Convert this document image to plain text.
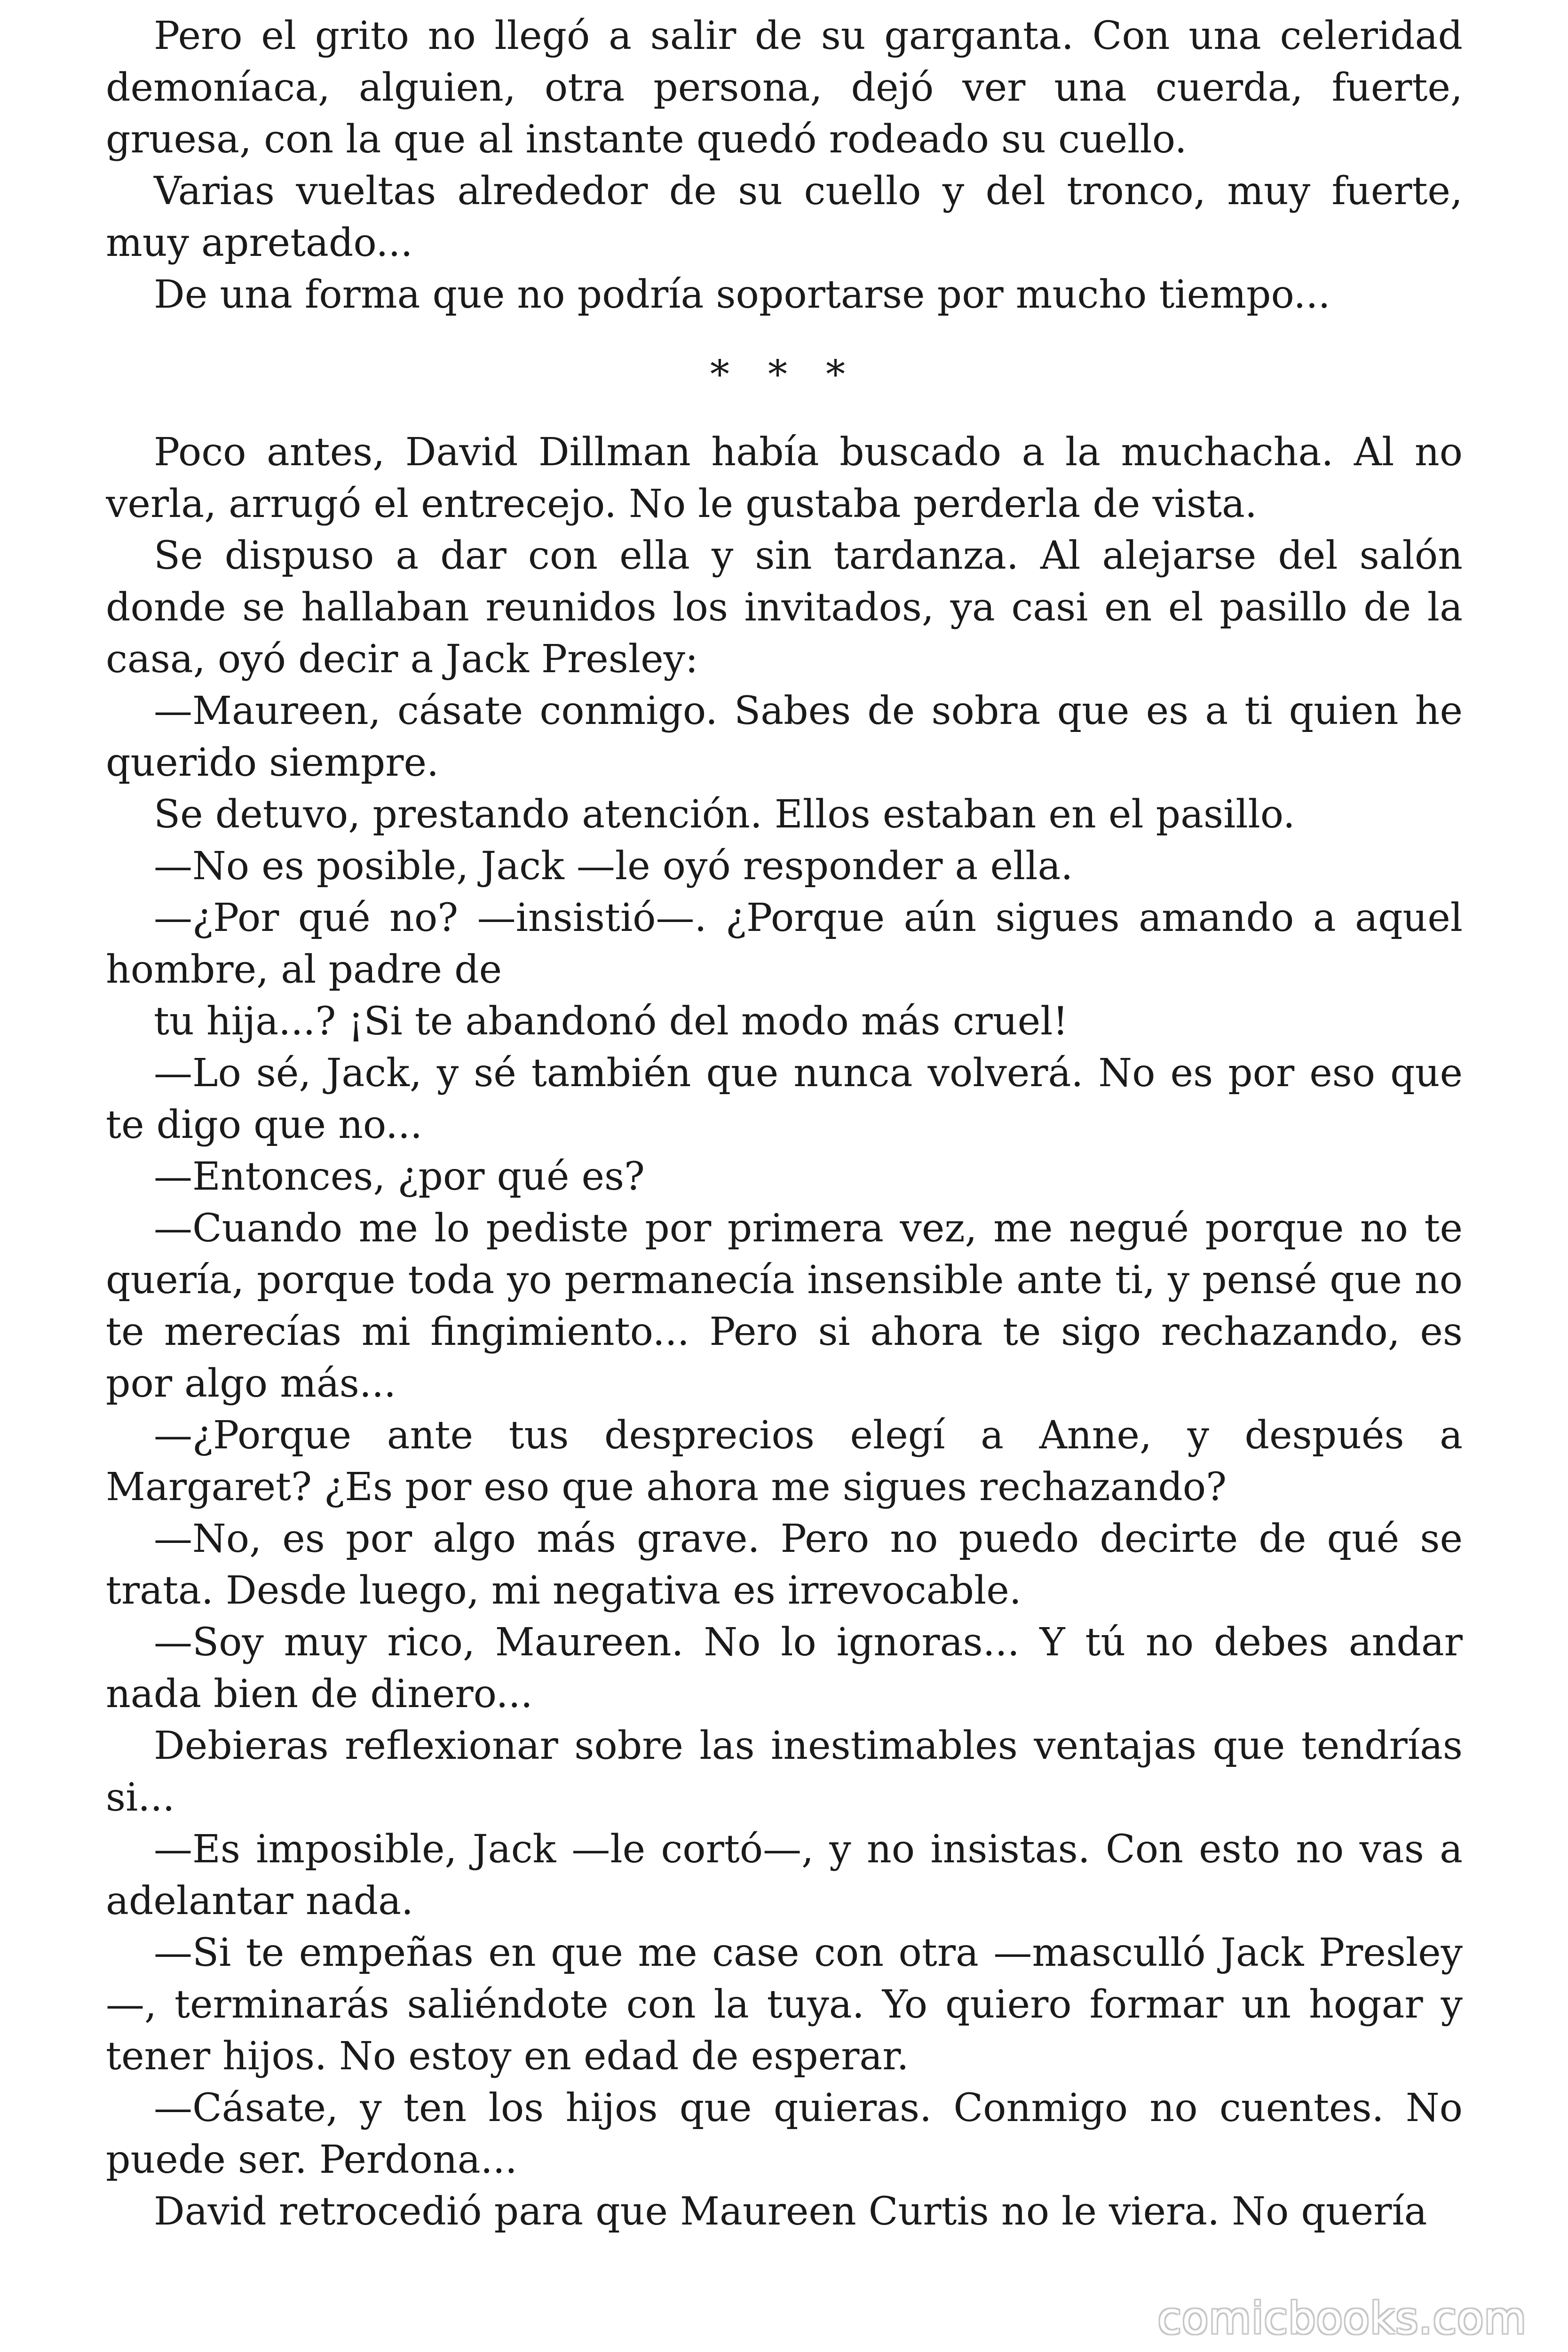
Pero el grito no llegó a salir de su garganta. Con una celeridad demoníaca, alguien, otra persona, dejó ver una cuerda, fuerte, gruesa, con la que al instante quedó rodeado su cuello.

Varias vueltas alrededor de su cuello y del tronco, muy fuerte, muy apretado...

De una forma que no podría soportarse por mucho tiempo...

* * *

Poco antes, David Dillman había buscado a la muchacha. Al no verla, arrugó el entrecejo. No le gustaba perderla de vista.

Se dispuso a dar con ella y sin tardanza. Al alejarse del salón donde se hallaban reunidos los invitados, ya casi en el pasillo de la casa, oyó decir a Jack Presley:

—Maureen, cásate conmigo. Sabes de sobra que es a ti quien he querido siempre.

Se detuvo, prestando atención. Ellos estaban en el pasillo.

—No es posible, Jack —le oyó responder a ella.

—¿Por qué no? —insistió—. ¿Porque aún sigues amando a aquel
hombre, al padre de

tu hija...? ¡Si te abandonó del modo más cruel!

—Lo sé, Jack, y sé también que nunca volverá. No es por eso que te digo que no...

—Entonces, ¿por qué es?

—Cuando me lo pediste por primera vez, me negué porque no te quería, porque toda yo permanecía insensible ante ti, y pensé que no te merecías mi fingimiento... Pero si ahora te sigo rechazando, es por algo más...

—¿Porque ante tus desprecios elegí a Anne, y después a Margaret? ¿Es por eso que ahora me sigues rechazando?

—No, es por algo más grave. Pero no puedo decirte de qué se trata. Desde luego, mi negativa es irrevocable.

—Soy muy rico, Maureen. No lo ignoras... Y tú no debes andar nada bien de dinero...

Debieras reflexionar sobre las inestimables ventajas que tendrías si...

—Es imposible, Jack —le cortó—, y no insistas. Con esto no vas a adelantar nada.

—Si te empeñas en que me case con otra —masculló Jack Presley —, terminarás saliéndote con la tuya. Yo quiero formar un hogar y tener hijos. No estoy en edad de esperar.

—Cásate, y ten los hijos que quieras. Conmigo no cuentes. No puede ser. Perdona...

David retrocedió para que Maureen Curtis no le viera. No quería

comicbooks.com
